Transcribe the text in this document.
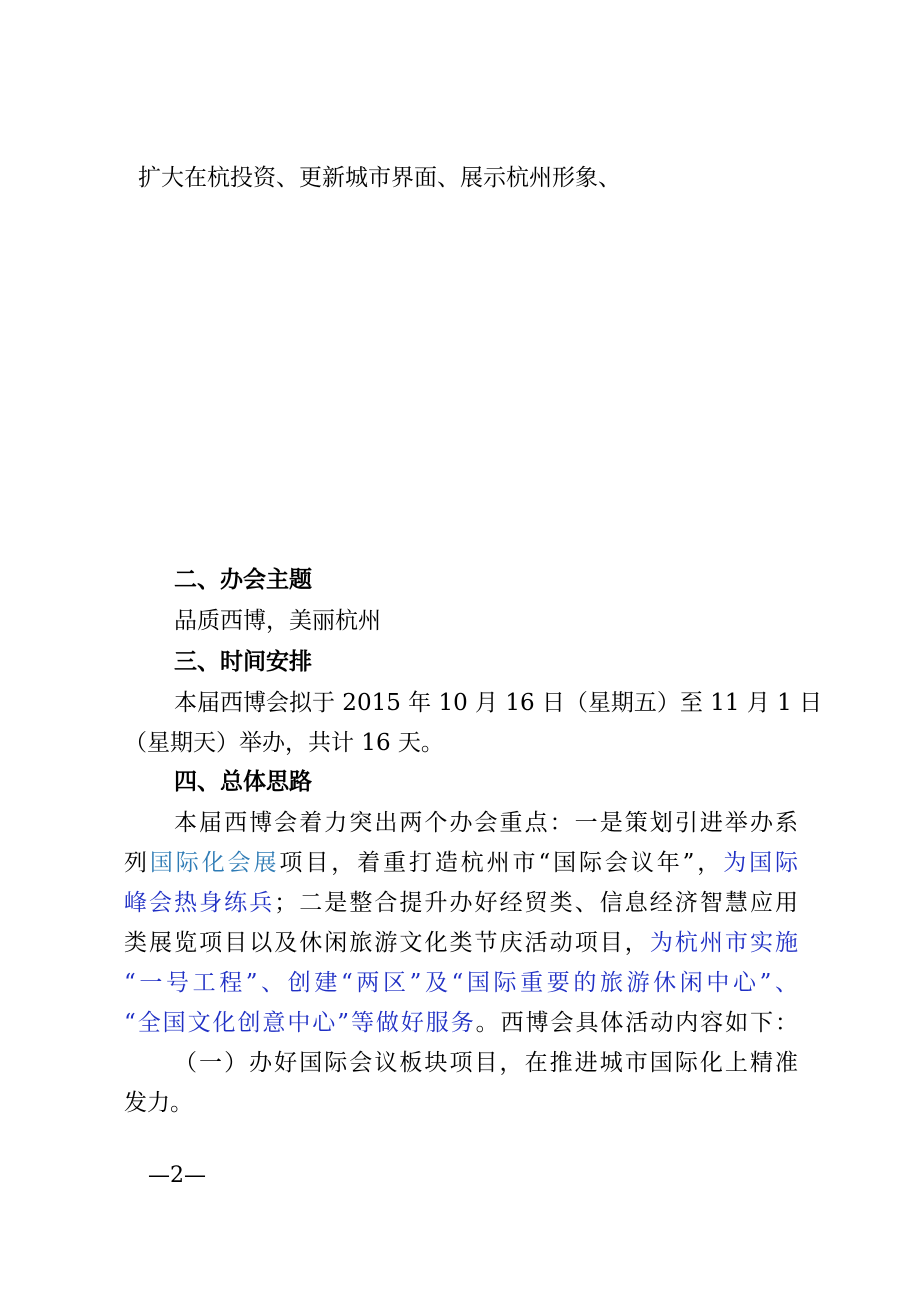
扩大在杭投资、更新城市界面、展示杭州形象、

二、办会主题

品质西博，美丽杭州

三、时间安排

本届西博会拟于 2015 年 10 月 16 日（星期五）至 11 月 1 日

（星期天）举办，共计 16 天。

四、总体思路

本届西博会着力突出两个办会重点：一是策划引进举办系

列国际化会展项目，着重打造杭州市“国际会议年”，为国际

峰会热身练兵；二是整合提升办好经贸类、信息经济智慧应用

类展览项目以及休闲旅游文化类节庆活动项目，为杭州市实施

“一号工程”、创建“两区”及“国际重要的旅游休闲中心”、

“全国文化创意中心”等做好服务。西博会具体活动内容如下：

（一）办好国际会议板块项目，在推进城市国际化上精准

发力。

—2—
